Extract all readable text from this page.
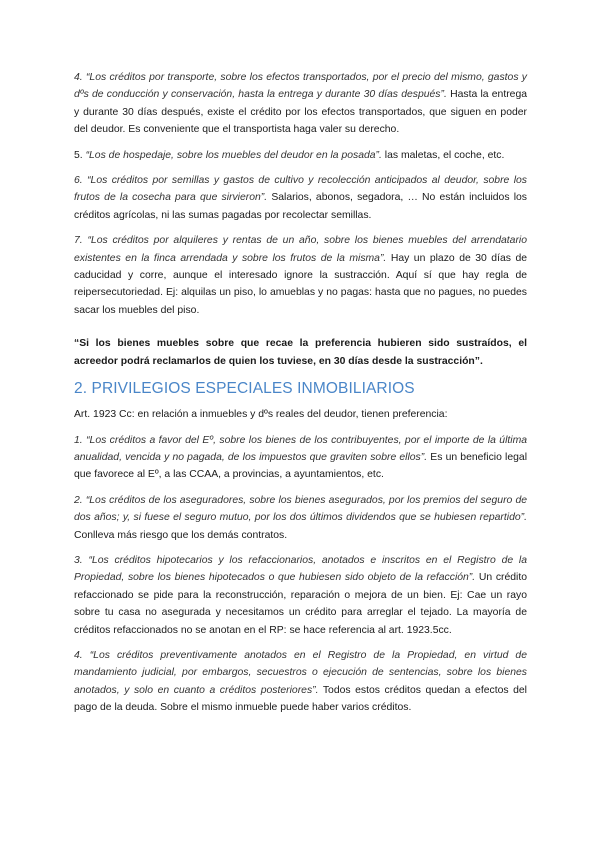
4. “Los créditos por transporte, sobre los efectos transportados, por el precio del mismo, gastos y dºs de conducción y conservación, hasta la entrega y durante 30 días después”. Hasta la entrega y durante 30 días después, existe el crédito por los efectos transportados, que siguen en poder del deudor. Es conveniente que el transportista haga valer su derecho.

5. “Los de hospedaje, sobre los muebles del deudor en la posada”. las maletas, el coche, etc.

6. “Los créditos por semillas y gastos de cultivo y recolección anticipados al deudor, sobre los frutos de la cosecha para que sirvieron”. Salarios, abonos, segadora, … No están incluidos los créditos agrícolas, ni las sumas pagadas por recolectar semillas.

7. “Los créditos por alquileres y rentas de un año, sobre los bienes muebles del arrendatario existentes en la finca arrendada y sobre los frutos de la misma”. Hay un plazo de 30 días de caducidad y corre, aunque el interesado ignore la sustracción. Aquí sí que hay regla de reipersecutoriedad. Ej: alquilas un piso, lo amueblas y no pagas: hasta que no pagues, no puedes sacar los muebles del piso.

“Si los bienes muebles sobre que recae la preferencia hubieren sido sustraídos, el acreedor podrá reclamarlos de quien los tuviese, en 30 días desde la sustracción”.

2. PRIVILEGIOS ESPECIALES INMOBILIARIOS

Art. 1923 Cc: en relación a inmuebles y dºs reales del deudor, tienen preferencia:

1. “Los créditos a favor del Eº, sobre los bienes de los contribuyentes, por el importe de la última anualidad, vencida y no pagada, de los impuestos que graviten sobre ellos”. Es un beneficio legal que favorece al Eº, a las CCAA, a provincias, a ayuntamientos, etc.

2. “Los créditos de los aseguradores, sobre los bienes asegurados, por los premios del seguro de dos años; y, si fuese el seguro mutuo, por los dos últimos dividendos que se hubiesen repartido”. Conlleva más riesgo que los demás contratos.

3. “Los créditos hipotecarios y los refaccionarios, anotados e inscritos en el Registro de la Propiedad, sobre los bienes hipotecados o que hubiesen sido objeto de la refacción”. Un crédito refaccionado se pide para la reconstrucción, reparación o mejora de un bien. Ej: Cae un rayo sobre tu casa no asegurada y necesitamos un crédito para arreglar el tejado. La mayoría de créditos refaccionados no se anotan en el RP: se hace referencia al art. 1923.5cc.

4. “Los créditos preventivamente anotados en el Registro de la Propiedad, en virtud de mandamiento judicial, por embargos, secuestros o ejecución de sentencias, sobre los bienes anotados, y solo en cuanto a créditos posteriores”. Todos estos créditos quedan a efectos del pago de la deuda. Sobre el mismo inmueble puede haber varios créditos.
